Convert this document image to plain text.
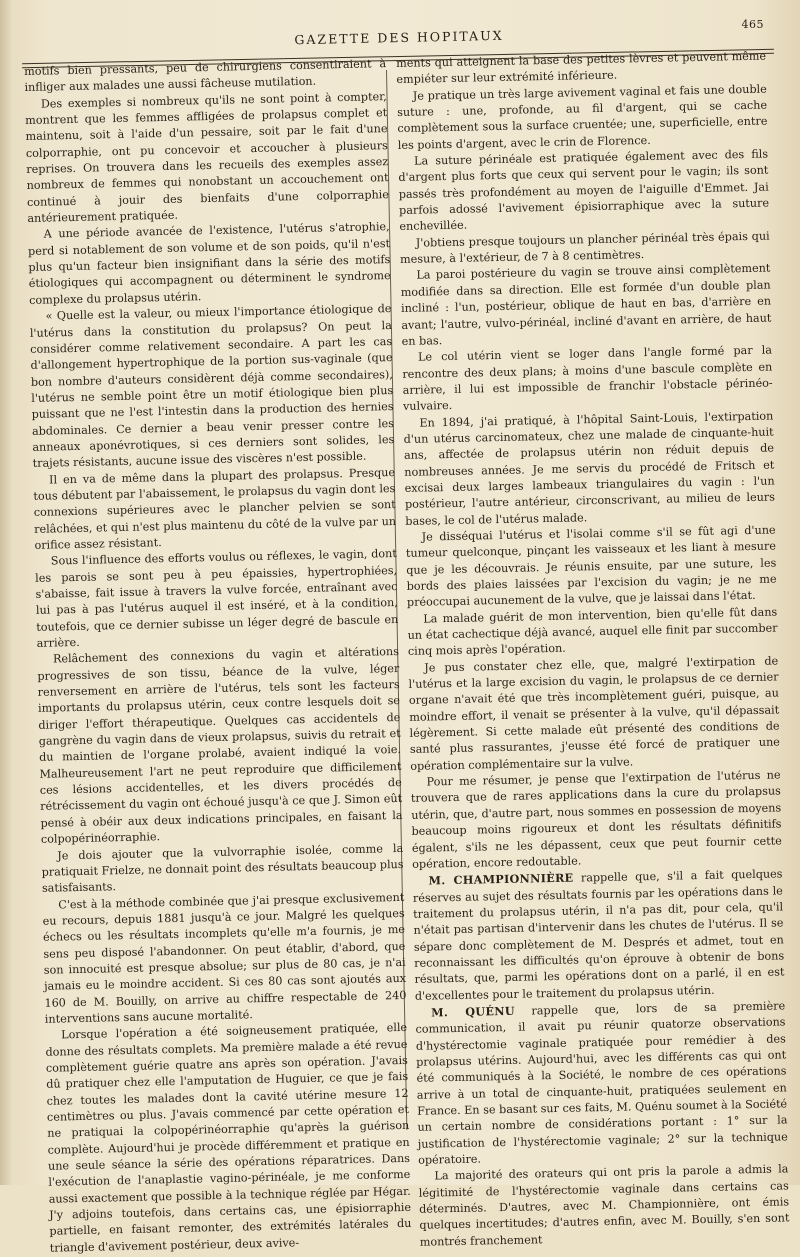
GAZETTE DES HOPITAUX
465

motifs bien pressants, peu de chirurgiens consentiraient à infliger aux malades une aussi fâcheuse mutilation.

Des exemples si nombreux qu'ils ne sont point à compter, montrent que les femmes affligées de prolapsus complet et maintenu, soit à l'aide d'un pessaire, soit par le fait d'une colporraphie, ont pu concevoir et accoucher à plusieurs reprises. On trouvera dans les recueils des exemples assez nombreux de femmes qui nonobstant un accouchement ont continué à jouir des bienfaits d'une colporraphie antérieurement pratiquée.

A une période avancée de l'existence, l'utérus s'atrophie, perd si notablement de son volume et de son poids, qu'il n'est plus qu'un facteur bien insignifiant dans la série des motifs étiologiques qui accompagnent ou déterminent le syndrome complexe du prolapsus utérin.

« Quelle est la valeur, ou mieux l'importance étiologique de l'utérus dans la constitution du prolapsus? On peut la considérer comme relativement secondaire. A part les cas d'allongement hypertrophique de la portion sus-vaginale (que bon nombre d'auteurs considèrent déjà comme secondaires), l'utérus ne semble point être un motif étiologique bien plus puissant que ne l'est l'intestin dans la production des hernies abdominales. Ce dernier a beau venir presser contre les anneaux aponévrotiques, si ces derniers sont solides, les trajets résistants, aucune issue des viscères n'est possible.

Il en va de même dans la plupart des prolapsus. Presque tous débutent par l'abaissement, le prolapsus du vagin dont les connexions supérieures avec le plancher pelvien se sont relâchées, et qui n'est plus maintenu du côté de la vulve par un orifice assez résistant.

Sous l'influence des efforts voulus ou réflexes, le vagin, dont les parois se sont peu à peu épaissies, hypertrophiées, s'abaisse, fait issue à travers la vulve forcée, entraînant avec lui pas à pas l'utérus auquel il est inséré, et à la condition, toutefois, que ce dernier subisse un léger degré de bascule en arrière.

Relâchement des connexions du vagin et altérations progressives de son tissu, béance de la vulve, léger renversement en arrière de l'utérus, tels sont les facteurs importants du prolapsus utérin, ceux contre lesquels doit se diriger l'effort thérapeutique. Quelques cas accidentels de gangrène du vagin dans de vieux prolapsus, suivis du retrait et du maintien de l'organe prolabé, avaient indiqué la voie. Malheureusement l'art ne peut reproduire que difficilement ces lésions accidentelles, et les divers procédés de rétrécissement du vagin ont échoué jusqu'à ce que J. Simon eût pensé à obéir aux deux indications principales, en faisant la colpopérinéorraphie.

Je dois ajouter que la vulvorraphie isolée, comme la pratiquait Frielze, ne donnait point des résultats beaucoup plus satisfaisants.

C'est à la méthode combinée que j'ai presque exclusivement eu recours, depuis 1881 jusqu'à ce jour. Malgré les quelques échecs ou les résultats incomplets qu'elle m'a fournis, je me sens peu disposé l'abandonner. On peut établir, d'abord, que son innocuité est presque absolue; sur plus de 80 cas, je n'ai jamais eu le moindre accident. Si ces 80 cas sont ajoutés aux 160 de M. Bouilly, on arrive au chiffre respectable de 240 interventions sans aucune mortalité.

Lorsque l'opération a été soigneusement pratiquée, elle donne des résultats complets. Ma première malade a été revue complètement guérie quatre ans après son opération. J'avais dû pratiquer chez elle l'amputation de Huguier, ce que je fais chez toutes les malades dont la cavité utérine mesure 12 centimètres ou plus. J'avais commencé par cette opération et ne pratiquai la colpopérinéorraphie qu'après la guérison complète. Aujourd'hui je procède différemment et pratique en une seule séance la série des opérations réparatrices. Dans l'exécution de l'anaplastie vagino-périnéale, je me conforme aussi exactement que possible à la technique réglée par Hégar. J'y adjoins toutefois, dans certains cas, une épisiorraphie partielle, en faisant remonter, des extrémités latérales du triangle d'avivement postérieur, deux avive-

ments qui atteignent la base des petites lèvres et peuvent même empiéter sur leur extrémité inférieure.

Je pratique un très large avivement vaginal et fais une double suture : une, profonde, au fil d'argent, qui se cache complètement sous la surface cruentée; une, superficielle, entre les points d'argent, avec le crin de Florence.

La suture périnéale est pratiquée également avec des fils d'argent plus forts que ceux qui servent pour le vagin; ils sont passés très profondément au moyen de l'aiguille d'Emmet. Jai parfois adossé l'avivement épisiorraphique avec la suture enchevillée.

J'obtiens presque toujours un plancher périnéal très épais qui mesure, à l'extérieur, de 7 à 8 centimètres.

La paroi postérieure du vagin se trouve ainsi complètement modifiée dans sa direction. Elle est formée d'un double plan incliné : l'un, postérieur, oblique de haut en bas, d'arrière en avant; l'autre, vulvo-périnéal, incliné d'avant en arrière, de haut en bas.

Le col utérin vient se loger dans l'angle formé par la rencontre des deux plans; à moins d'une bascule complète en arrière, il lui est impossible de franchir l'obstacle périnéo-vulvaire.

En 1894, j'ai pratiqué, à l'hôpital Saint-Louis, l'extirpation d'un utérus carcinomateux, chez une malade de cinquante-huit ans, affectée de prolapsus utérin non réduit depuis de nombreuses années. Je me servis du procédé de Fritsch et excisai deux larges lambeaux triangulaires du vagin : l'un postérieur, l'autre antérieur, circonscrivant, au milieu de leurs bases, le col de l'utérus malade.

Je disséquai l'utérus et l'isolai comme s'il se fût agi d'une tumeur quelconque, pinçant les vaisseaux et les liant à mesure que je les découvrais. Je réunis ensuite, par une suture, les bords des plaies laissées par l'excision du vagin; je ne me préoccupai aucunement de la vulve, que je laissai dans l'état.

La malade guérit de mon intervention, bien qu'elle fût dans un état cachectique déjà avancé, auquel elle finit par succomber cinq mois après l'opération.

Je pus constater chez elle, que, malgré l'extirpation de l'utérus et la large excision du vagin, le prolapsus de ce dernier organe n'avait été que très incomplètement guéri, puisque, au moindre effort, il venait se présenter à la vulve, qu'il dépassait légèrement. Si cette malade eût présenté des conditions de santé plus rassurantes, j'eusse été forcé de pratiquer une opération complémentaire sur la vulve.

Pour me résumer, je pense que l'extirpation de l'utérus ne trouvera que de rares applications dans la cure du prolapsus utérin, que, d'autre part, nous sommes en possession de moyens beaucoup moins rigoureux et dont les résultats définitifs égalent, s'ils ne les dépassent, ceux que peut fournir cette opération, encore redoutable.

M. CHAMPIONNIÈRE rappelle que, s'il a fait quelques réserves au sujet des résultats fournis par les opérations dans le traitement du prolapsus utérin, il n'a pas dit, pour cela, qu'il n'était pas partisan d'intervenir dans les chutes de l'utérus. Il se sépare donc complètement de M. Després et admet, tout en reconnaissant les difficultés qu'on éprouve à obtenir de bons résultats, que, parmi les opérations dont on a parlé, il en est d'excellentes pour le traitement du prolapsus utérin.

M. QUÉNU rappelle que, lors de sa première communication, il avait pu réunir quatorze observations d'hystérectomie vaginale pratiquée pour remédier à des prolapsus utérins. Aujourd'hui, avec les différents cas qui ont été communiqués à la Société, le nombre de ces opérations arrive à un total de cinquante-huit, pratiquées seulement en France. En se basant sur ces faits, M. Quénu soumet à la Société un certain nombre de considérations portant : 1° sur la justification de l'hystérectomie vaginale; 2° sur la technique opératoire.

La majorité des orateurs qui ont pris la parole a admis la légitimité de l'hystérectomie vaginale dans certains cas déterminés. D'autres, avec M. Championnière, ont émis quelques incertitudes; d'autres enfin, avec M. Bouilly, s'en sont montrés franchement
